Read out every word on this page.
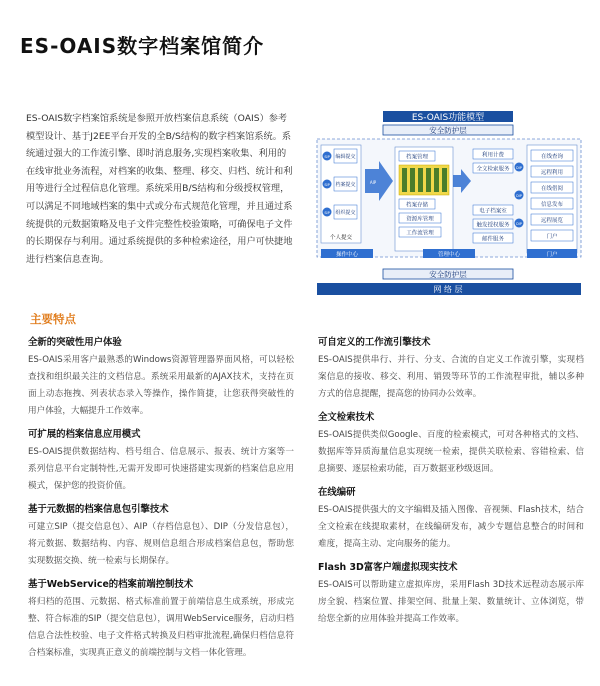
ES-OAIS数字档案馆简介
ES-OAIS数字档案馆系统是参照开放档案信息系统（OAIS）参考模型设计、基于J2EE平台开发的全B/S结构的数字档案馆系统。系统通过强大的工作流引擎、即时消息服务,实现档案收集、利用的在线审批业务流程，对档案的收集、整理、移交、归档、统计和利用等进行全过程信息化管理。系统采用B/S结构和分级授权管理，可以满足不同地域档案的集中式或分布式规范化管理，并且通过系统提供的元数据策略及电子文件完整性校验策略，可确保电子文件的长期保存与利用。通过系统提供的多种检索途径，用户可快捷地进行档案信息查询。
ES-OAIS功能模型
安全防护层
SIP
SIP
SIP
编辑提交
档案提交
组织提交
个人提交
AIP
档案管理
档案存储
资源库管理
工作流管理
利用计费
全文检索服务
电子档案室
触发授权服务
邮件服务
DIP
DIP
DIP
在线查询
远程利用
在线借阅
信息发布
远程展览
门户
操作中心	管理中心	门户
安全防护层
网 络 层
主要特点
全新的突破性用户体验

ES-OAIS采用客户最熟悉的Windows资源管理器界面风格，可以轻松查找和组织最关注的文档信息。系统采用最新的AJAX技术，支持在页面上动态拖拽、列表状态录入等操作，操作简捷，让您获得突破性的用户体验，大幅提升工作效率。

可扩展的档案信息应用模式

ES-OAIS提供数据结构、档号组合、信息展示、报表、统计方案等一系列信息平台定制特性,无需开发即可快速搭建实现新的档案信息应用模式，保护您的投资价值。

基于元数据的档案信息包引擎技术

可建立SIP（提交信息包）、AIP（存档信息包）、DIP（分发信息包），将元数据、数据结构、内容、规则信息组合形成档案信息包，帮助您实现数据交换、统一检索与长期保存。

基于WebService的档案前端控制技术

将归档的范围、元数据、格式标准前置于前端信息生成系统，形成完整、符合标准的SIP（提交信息包），调用WebService服务，启动归档信息合法性校验、电子文件格式转换及归档审批流程,确保归档信息符合档案标准，实现真正意义的前端控制与文档一体化管理。

可自定义的工作流引擎技术

ES-OAIS提供串行、并行、分支、合流的自定义工作流引擎，实现档案信息的接收、移交、利用、销毁等环节的工作流程审批，辅以多种方式的信息提醒，提高您的协同办公效率。

全文检索技术

ES-OAIS提供类似Google、百度的检索模式，可对各种格式的文档、数据库等异质海量信息实现统一检索，提供关联检索、容错检索、信息摘要、逐层检索功能，百万数据亚秒级返回。

在线编研

ES-OAIS提供强大的文字编辑及插入图像、音视频、Flash技术，结合全文检索在线提取素材，在线编研发布，减少专题信息整合的时间和难度，提高主动、定向服务的能力。

Flash 3D富客户端虚拟现实技术

ES-OAIS可以帮助建立虚拟库房，采用Flash 3D技术远程动态展示库房全貌、档案位置、排架空间、批量上架、数量统计、立体浏览，带给您全新的应用体验并提高工作效率。
